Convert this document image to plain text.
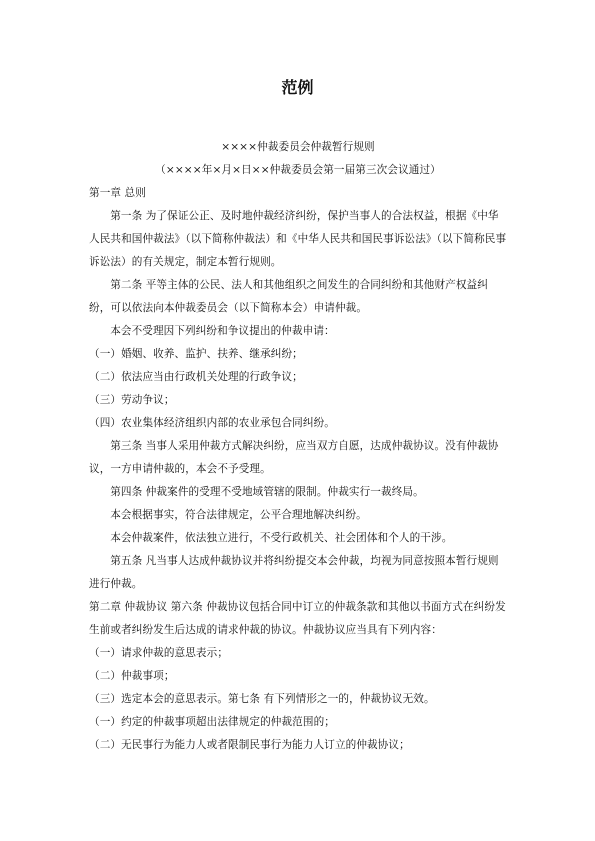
范例

××××仲裁委员会仲裁暂行规则

（××××年×月×日××仲裁委员会第一届第三次会议通过）

第一章 总则

第一条 为了保证公正、及时地仲裁经济纠纷，保护当事人的合法权益，根据《中华人民共和国仲裁法》（以下简称仲裁法）和《中华人民共和国民事诉讼法》（以下简称民事诉讼法）的有关规定，制定本暂行规则。

第二条 平等主体的公民、法人和其他组织之间发生的合同纠纷和其他财产权益纠纷，可以依法向本仲裁委员会（以下简称本会）申请仲裁。

本会不受理因下列纠纷和争议提出的仲裁申请：

（一）婚姻、收养、监护、扶养、继承纠纷；

（二）依法应当由行政机关处理的行政争议；

（三）劳动争议；

（四）农业集体经济组织内部的农业承包合同纠纷。

第三条 当事人采用仲裁方式解决纠纷，应当双方自愿，达成仲裁协议。没有仲裁协议，一方申请仲裁的，本会不予受理。

第四条 仲裁案件的受理不受地域管辖的限制。仲裁实行一裁终局。

本会根据事实，符合法律规定，公平合理地解决纠纷。

本会仲裁案件，依法独立进行，不受行政机关、社会团体和个人的干涉。

第五条 凡当事人达成仲裁协议并将纠纷提交本会仲裁，均视为同意按照本暂行规则进行仲裁。

第二章 仲裁协议 第六条 仲裁协议包括合同中订立的仲裁条款和其他以书面方式在纠纷发生前或者纠纷发生后达成的请求仲裁的协议。仲裁协议应当具有下列内容：

（一）请求仲裁的意思表示；

（二）仲裁事项；

（三）选定本会的意思表示。第七条 有下列情形之一的，仲裁协议无效。

（一）约定的仲裁事项超出法律规定的仲裁范围的；

（二）无民事行为能力人或者限制民事行为能力人订立的仲裁协议；
